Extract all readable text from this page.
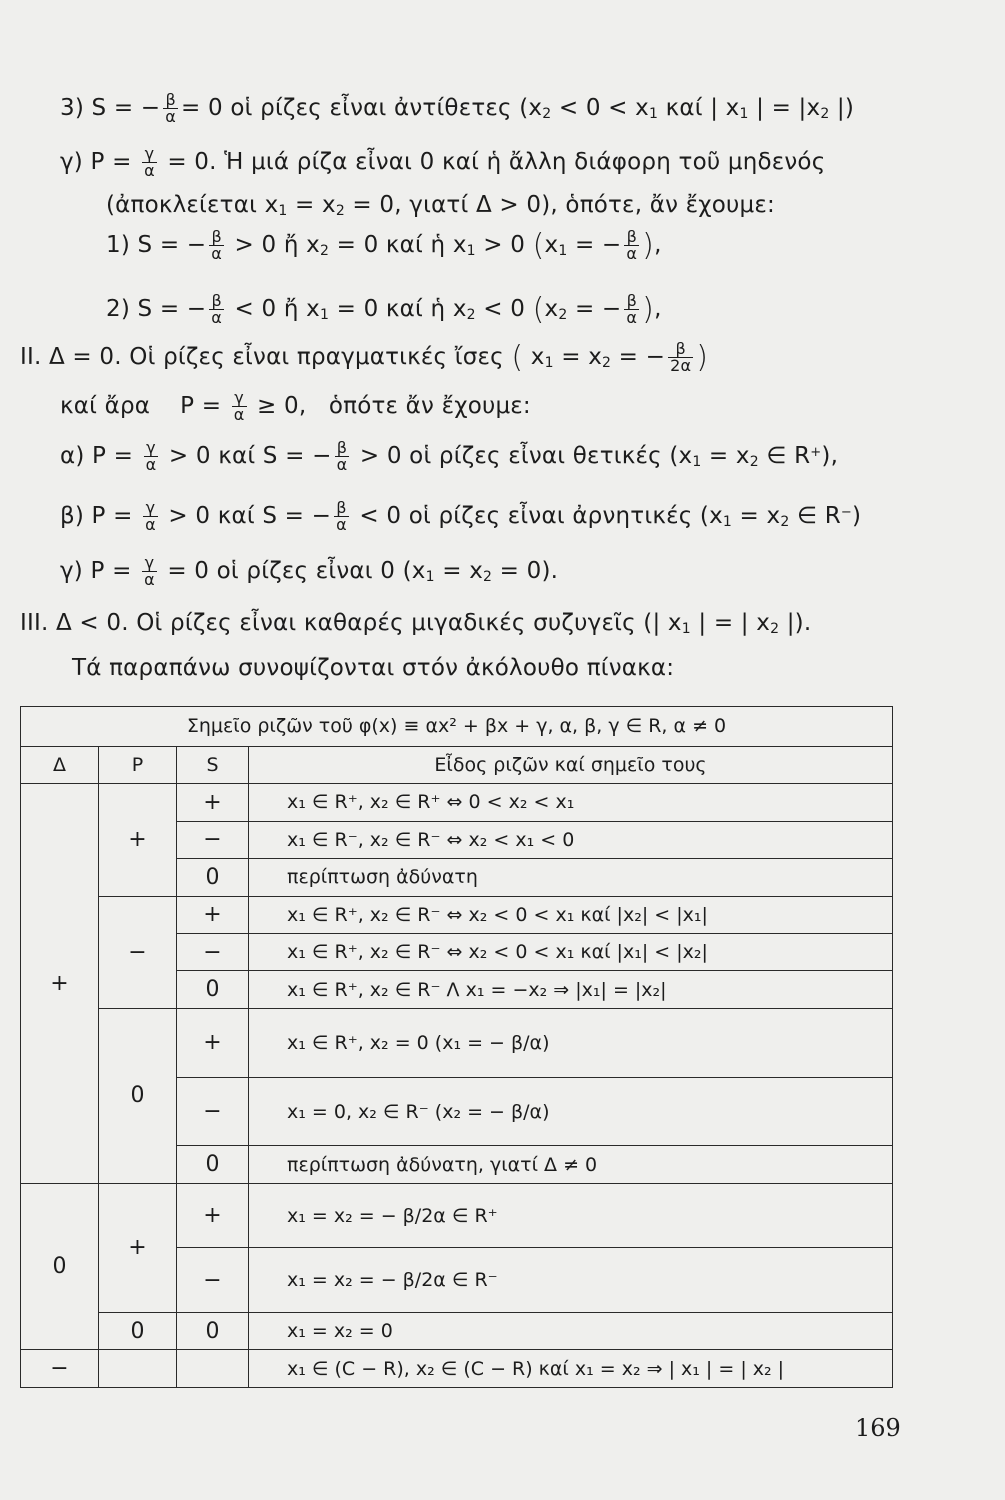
3) S = − $\frac{\beta}{\alpha} = 0$ οἱ ρίζες εἶναι ἀντίθετες ($x_2 < 0 < x_1$ καί | $x_1$ | = $|x_2$ |)
γ) $P = \frac{\gamma}{\alpha} = 0$. Ἡ μιά ρίζα εἶναι 0 καί ἡ ἄλλη διάφορη τοῦ μηδενός
(ἀποκλείεται $x_1 = x_2 = 0$, γιατί Δ > 0), ὁπότε, ἄν ἔχουμε:
1) S = − $\frac{\beta}{\alpha} > 0$ ἤ $x_2 = 0$ καί ἡ $x_1 > 0$ ($x_1$ = − $\frac{\beta}{\alpha}$ ),
2) S = − $\frac{\beta}{\alpha} < 0$ ἤ $x_1 = 0$ καί ἡ $x_2 < 0$ ($x_2$ = − $\frac{\beta}{\alpha}$ ),
ΙΙ. Δ = 0. Οἱ ρίζες εἶναι πραγματικές ἴσες ( $x_1 = x_2$ = − $\frac{\beta}{2\alpha}$ )
καί ἄρα    $P = \frac{\gamma}{\alpha} \ge 0$,   ὁπότε ἄν ἔχουμε:
α) $P = \frac{\gamma}{\alpha} > 0$ καί S = − $\frac{\beta}{\alpha} > 0$ οἱ ρίζες εἶναι θετικές ($x_1 = x_2$ ∈ R+),
β) $P = \frac{\gamma}{\alpha} > 0$ καί S = − $\frac{\beta}{\alpha} < 0$ οἱ ρίζες εἶναι ἀρνητικές ($x_1 = x_2$ ∈ R−)
γ) $P = \frac{\gamma}{\alpha} = 0$ οἱ ρίζες εἶναι 0 $(x_1 = x_2 = 0)$.
ΙΙΙ. Δ < 0. Οἱ ρίζες εἶναι καθαρές μιγαδικές συζυγεῖς (| $x_1$ | = | $x_2$ |).
Τά παραπάνω συνοψίζονται στόν ἀκόλουθο πίνακα:
Σημεῖο ριζῶν τοῦ φ(x) ≡ αx² + βx + γ, α, β, γ ∈ R, α ≠ 0			
Δ	P	S	Εἶδος ριζῶν καί σημεῖο τους
+	+	+	x₁ ∈ R⁺, x₂ ∈ R⁺ ⇔ 0 < x₂ < x₁
		−	x₁ ∈ R⁻, x₂ ∈ R⁻ ⇔ x₂ < x₁ < 0
		0	περίπτωση ἀδύνατη
	−	+	x₁ ∈ R⁺, x₂ ∈ R⁻ ⇔ x₂ < 0 < x₁ καί |x₂| < |x₁|
		−	x₁ ∈ R⁺, x₂ ∈ R⁻ ⇔ x₂ < 0 < x₁ καί |x₁| < |x₂|
		0	x₁ ∈ R⁺, x₂ ∈ R⁻ Λ x₁ = −x₂ ⇒ |x₁| = |x₂|
	0	+	x₁ ∈ R⁺, x₂ = 0 (x₁ = − β/α)
		−	x₁ = 0, x₂ ∈ R⁻ (x₂ = − β/α)
		0	περίπτωση ἀδύνατη, γιατί Δ ≠ 0
0	+	+	x₁ = x₂ = − β/2α ∈ R⁺
		−	x₁ = x₂ = − β/2α ∈ R⁻
	0	0	x₁ = x₂ = 0
−			x₁ ∈ (C − R), x₂ ∈ (C − R) καί x₁ = x₂ ⇒ | x₁ | = | x₂ |
169
